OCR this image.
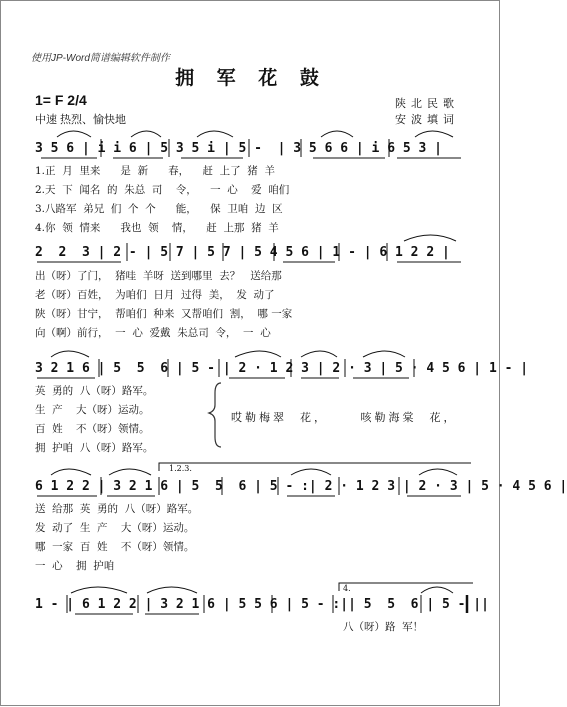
使用JP-Word简谱编辑软件制作
拥 军 花 鼓
1= F 2/4
中速 热烈、愉快地
陕北民歌
安波填词
3 5 6 | i i 6 | 5 3 5 i | 5 -  | 3 5 6 6 | i 6 5 3 |
1.正  月  里来      是  新      春，    赶  上了  猪  羊
2.天  下  闻名  的  朱总  司    令，    一  心    爱  咱们
3.八路军  弟兄  们  个  个      能，    保  卫咱  边  区
4.你  领  情来      我也  领    情，    赶  上那  猪  羊
2  2  3 | 2 - | 5 7 | 5 7 | 5 4 5 6 | 1 - | 6 1 2 2 |
出（呀）了门，  猪哇  羊呀  送到哪里  去？   送给那
老（呀）百姓，  为咱们  日月  过得  美，  发  动了
陕（呀）甘宁，  帮咱们  种来  又帮咱们  割，  哪 一家
向（啊）前行，  一  心  爱戴  朱总司  令，  一  心
3 2 1 6 | 5  5  6 | 5 - | 2 · 1 2 3 | 2 · 3 | 5 · 4 5 6 | 1 - |
英  勇的  八（呀）路军。
生  产    大（呀）运动。
百  姓    不（呀）领情。
拥  护咱  八（呀）路军。
哎勒梅翠  花，     咳勒海棠  花，
1.2.3.
6 1 2 2 | 3 2 1 6 | 5  5  6 | 5 - :| 2 · 1 2 3 | 2 · 3 | 5 · 4 5 6 |
送  给那  英  勇的  八（呀）路军。
发  动了  生  产    大（呀）运动。
哪  一家  百  姓    不（呀）领情。
一  心    拥  护咱
4.
1 - | 6 1 2 2 | 3 2 1 6 | 5 5 6 | 5 - :|| 5  5  6 | 5 - ||
八（呀）路  军！
